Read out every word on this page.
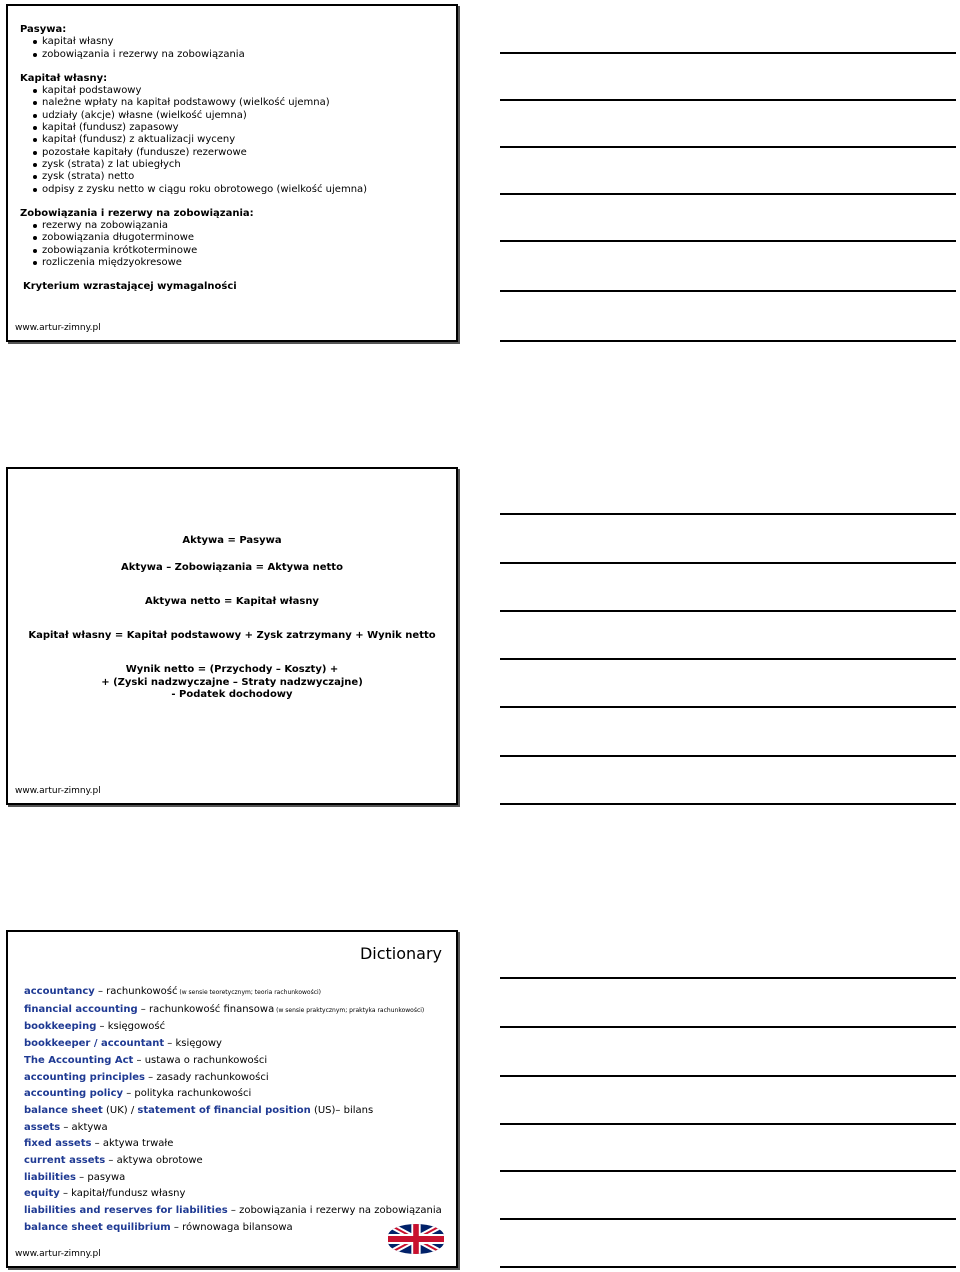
Pasywa:

kapitał własny
zobowiązania i rezerwy na zobowiązania

Kapitał własny:

kapitał podstawowy
należne wpłaty na kapitał podstawowy (wielkość ujemna)
udziały (akcje) własne (wielkość ujemna)
kapitał (fundusz) zapasowy
kapitał (fundusz) z aktualizacji wyceny
pozostałe kapitały (fundusze) rezerwowe
zysk (strata) z lat ubiegłych
zysk (strata) netto
odpisy z zysku netto w ciągu roku obrotowego (wielkość ujemna)

Zobowiązania i rezerwy na zobowiązania:

rezerwy na zobowiązania
zobowiązania długoterminowe
zobowiązania krótkoterminowe
rozliczenia międzyokresowe

Kryterium wzrastającej wymagalności

www.artur-zimny.pl
Aktywa = Pasywa
Aktywa – Zobowiązania = Aktywa netto
Aktywa netto = Kapitał własny
Kapitał własny = Kapitał podstawowy + Zysk zatrzymany + Wynik netto
Wynik netto = (Przychody – Koszty) +
+ (Zyski nadzwyczajne – Straty nadzwyczajne)
- Podatek dochodowy
www.artur-zimny.pl
Dictionary
accountancy – rachunkowość (w sensie teoretycznym; teoria rachunkowości)
financial accounting – rachunkowość finansowa (w sensie praktycznym; praktyka rachunkowości)
bookkeeping – księgowość
bookkeeper / accountant – księgowy
The Accounting Act – ustawa o rachunkowości
accounting principles – zasady rachunkowości
accounting policy – polityka rachunkowości
balance sheet (UK) / statement of financial position (US)– bilans
assets – aktywa
fixed assets – aktywa trwałe
current assets – aktywa obrotowe
liabilities – pasywa
equity – kapitał/fundusz własny
liabilities and reserves for liabilities – zobowiązania i rezerwy na zobowiązania
balance sheet equilibrium – równowaga bilansowa
www.artur-zimny.pl
